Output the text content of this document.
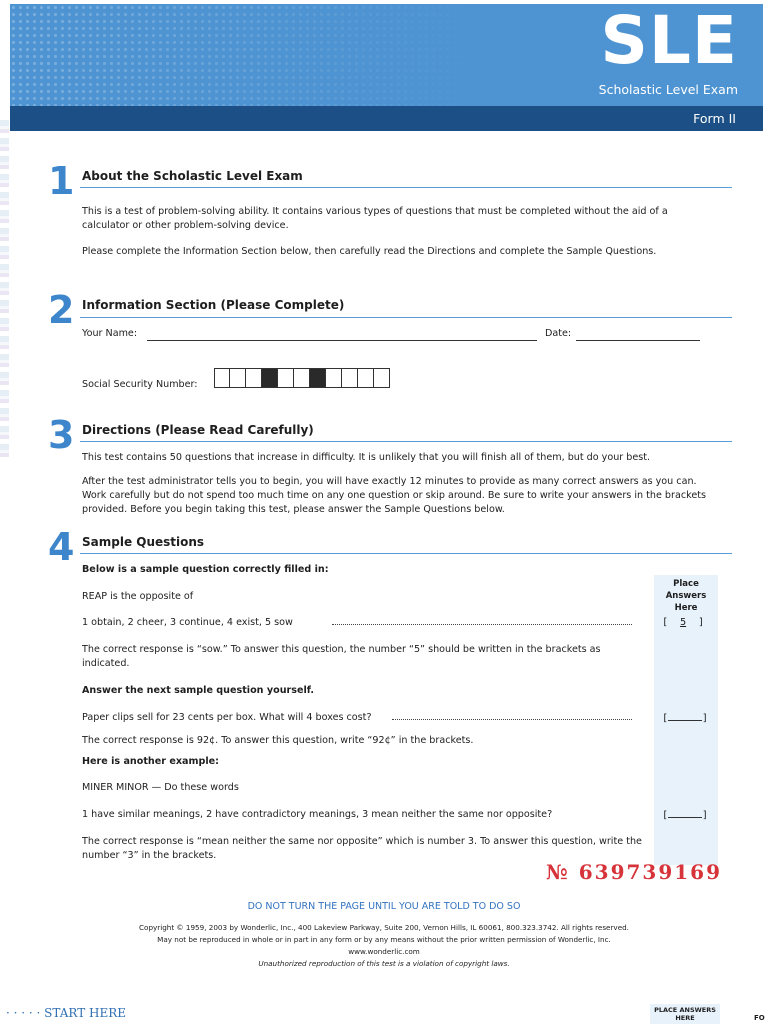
SLE
Scholastic Level Exam
Form II
1 About the Scholastic Level Exam
This is a test of problem-solving ability. It contains various types of questions that must be completed without the aid of a calculator or other problem-solving device.
Please complete the Information Section below, then carefully read the Directions and complete the Sample Questions.
2 Information Section (Please Complete)
Your Name:	Date:
Social Security Number:
3 Directions (Please Read Carefully)
This test contains 50 questions that increase in difficulty. It is unlikely that you will finish all of them, but do your best.
After the test administrator tells you to begin, you will have exactly 12 minutes to provide as many correct answers as you can. Work carefully but do not spend too much time on any one question or skip around. Be sure to write your answers in the brackets provided. Before you begin taking this test, please answer the Sample Questions below.
4 Sample Questions
Place
Answers
Here
Below is a sample question correctly filled in:
REAP is the opposite of
1 obtain, 2 cheer, 3 continue, 4 exist, 5 sow	[  5  ]
The correct response is “sow.” To answer this question, the number “5” should be written in the brackets as indicated.
Answer the next sample question yourself.
Paper clips sell for 23 cents per box. What will 4 boxes cost?	[	]
The correct response is 92¢. To answer this question, write “92¢” in the brackets.
Here is another example:
MINER MINOR — Do these words
1 have similar meanings, 2 have contradictory meanings, 3 mean neither the same nor opposite?	[	]
The correct response is “mean neither the same nor opposite” which is number 3. To answer this question, write the number “3” in the brackets.
№ 639739169
DO NOT TURN THE PAGE UNTIL YOU ARE TOLD TO DO SO
Copyright © 1959, 2003 by Wonderlic, Inc., 400 Lakeview Parkway, Suite 200, Vernon Hills, IL 60061, 800.323.3742. All rights reserved.
May not be reproduced in whole or in part in any form or by any means without the prior written permission of Wonderlic, Inc.
www.wonderlic.com
Unauthorized reproduction of this test is a violation of copyright laws.
· · · · · START HERE	PLACE ANSWERS
HERE	FO
